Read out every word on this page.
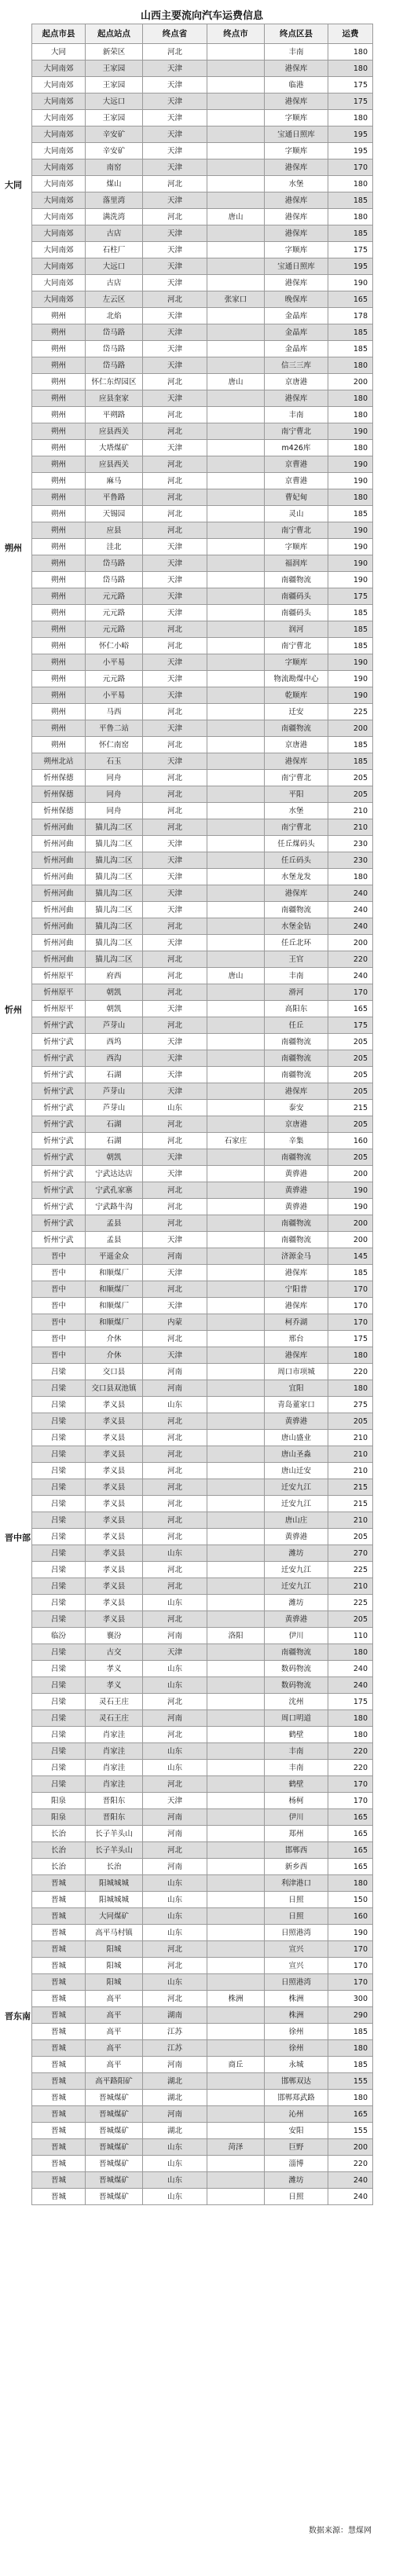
山西主要流向汽车运费信息
起点市县	起点站点	终点省	终点市	终点区县	运费
大同	新荣区	河北		丰南	180
大同南郊	王家园	天津		港保库	180
大同南郊	王家园	天津		临港	175
大同南郊	大远口	天津		港保库	175
大同南郊	王家园	天津		字顺库	180
大同南郊	辛安矿	天津		宝通日照库	195
大同南郊	辛安矿	天津		字顺库	195
大同南郊	南窑	天津		港保库	170
大同南郊	煤山	河北		水堡	180
大同南郊	落里湾	天津		港保库	185
大同南郊	满洗湾	河北	唐山	港保库	180
大同南郊	古店	天津		港保库	185
大同南郊	石柱厂	天津		字顺库	175
大同南郊	大远口	天津		宝通日照库	195
大同南郊	古店	天津		港保库	190
大同南郊	左云区	河北	张家口	晚保库	165
朔州	北焰	天津		金晶库	178
朔州	岱马路	天津		金晶库	185
朔州	岱马路	天津		金晶库	185
朔州	岱马路	天津		信三三库	180
朔州	怀仁东焊园区	河北	唐山	京唐港	200
朔州	应县奎家	天津		港保库	180
朔州	平朔路	河北		丰南	180
朔州	应县西关	河北		南宁曹北	190
朔州	大塔煤矿	天津		m426库	180
朔州	应县西关	河北		京曹港	190
朔州	麻马	河北		京曹港	190
朔州	平鲁路	河北		曹妃甸	180
朔州	天锡园	河北		灵山	185
朔州	应县	河北		南宁曹北	190
朔州	洼北	天津		字顺库	190
朔州	岱马路	天津		福润库	190
朔州	岱马路	天津		南疆物流	190
朔州	元元路	天津		南疆码头	175
朔州	元元路	天津		南疆码头	185
朔州	元元路	河北		润河	185
朔州	怀仁小峪	河北		南宁曹北	185
朔州	小平易	天津		字顺库	190
朔州	元元路	天津		物流勘煤中心	190
朔州	小平易	天津		乾顺库	190
朔州	马西	河北		迁安	225
朔州	平鲁二站	天津		南疆物流	200
朔州	怀仁南窑	河北		京唐港	185
朔州北站	石玉	天津		港保库	185
忻州保德	同舟	河北		南宁曹北	205
忻州保德	同舟	河北		平阳	205
忻州保德	同舟	河北		水堡	210
忻州河曲	猫儿沟二区	河北		南宁曹北	210
忻州河曲	猫儿沟二区	天津		任丘煤码头	230
忻州河曲	猫儿沟二区	天津		任丘码头	230
忻州河曲	猫儿沟二区	天津		水堡龙发	180
忻州河曲	猫儿沟二区	天津		港保库	240
忻州河曲	猫儿沟二区	天津		南疆物流	240
忻州河曲	猫儿沟二区	河北		水堡金钻	240
忻州河曲	猫儿沟二区	天津		任丘北环	200
忻州河曲	猫儿沟二区	河北		王官	220
忻州原平	府西	河北	唐山	丰南	240
忻州原平	朝凯	河北		滑河	170
忻州原平	朝凯	天津		高阳东	165
忻州宁武	芦芽山	河北		任丘	175
忻州宁武	西坞	天津		南疆物流	205
忻州宁武	西沟	天津		南疆物流	205
忻州宁武	石湖	天津		南疆物流	205
忻州宁武	芦芽山	天津		港保库	205
忻州宁武	芦芽山	山东		泰安	215
忻州宁武	石湖	河北		京唐港	205
忻州宁武	石湖	河北	石家庄	辛集	160
忻州宁武	朝凯	天津		南疆物流	205
忻州宁武	宁武达达店	天津		黄骅港	200
忻州宁武	宁武孔家寨	河北		黄骅港	190
忻州宁武	宁武路牛沟	河北		黄骅港	190
忻州宁武	孟县	河北		南疆物流	200
忻州宁武	孟县	天津		南疆物流	200
晋中	平遥金众	河南		济源金马	145
晋中	和顺煤厂	天津		港保库	185
晋中	和顺煤厂	河北		宁阳普	170
晋中	和顺煤厂	天津		港保库	170
晋中	和顺煤厂	内蒙		柯乔湖	170
晋中	介休	河北		邢台	175
晋中	介休	天津		港保库	180
吕梁	交口县	河南		周口市项城	220
吕梁	交口县双池镇	河南		宜阳	180
吕梁	孝义县	山东		青岛董家口	275
吕梁	孝义县	河北		黄骅港	205
吕梁	孝义县	河北		唐山盛业	210
吕梁	孝义县	河北		唐山圣淼	210
吕梁	孝义县	河北		唐山迁安	210
吕梁	孝义县	河北		迁安九江	215
吕梁	孝义县	河北		迁安九江	215
吕梁	孝义县	河北		唐山庄	210
吕梁	孝义县	河北		黄骅港	205
吕梁	孝义县	山东		潍坊	270
吕梁	孝义县	河北		迁安九江	225
吕梁	孝义县	河北		迁安九江	210
吕梁	孝义县	山东		潍坊	225
吕梁	孝义县	河北		黄骅港	205
临汾	襄汾	河南	洛阳	伊川	110
吕梁	古交	天津		南疆物流	180
吕梁	孝义	山东		数码物流	240
吕梁	孝义	山东		数码物流	240
吕梁	灵石王庄	河北		沈州	175
吕梁	灵石王庄	河南		周口明道	180
吕梁	肖家洼	河北		鹤壁	180
吕梁	肖家洼	山东		丰南	220
吕梁	肖家洼	山东		丰南	220
吕梁	肖家洼	河北		鹤壁	170
阳泉	晋阳东	天津		杨柯	170
阳泉	晋阳东	河南		伊川	165
长治	长子羊头山	河南		郑州	165
长治	长子羊头山	河北		邯郸西	165
长治	长治	河南		新乡西	165
晋城	阳城城城	山东		利津港口	180
晋城	阳城城城	山东		日照	150
晋城	大同煤矿	山东		日照	160
晋城	高平马村镇	山东		日照港湾	190
晋城	阳城	河北		宣兴	170
晋城	阳城	河北		宣兴	170
晋城	阳城	山东		日照港湾	170
晋城	高平	河北	株洲	株洲	300
晋城	高平	湖南		株洲	290
晋城	高平	江苏		徐州	185
晋城	高平	江苏		徐州	180
晋城	高平	河南	商丘	永城	185
晋城	高平路阳矿	湖北		邯郸双达	155
晋城	晋城煤矿	湖北		邯郸郑武路	180
晋城	晋城煤矿	河南		沁州	165
晋城	晋城煤矿	湖北		安阳	155
晋城	晋城煤矿	山东	菏泽	巨野	200
晋城	晋城煤矿	山东		淄博	220
晋城	晋城煤矿	山东		潍坊	240
晋城	晋城煤矿	山东		日照	240
数据来源：慧煤网
大同
朔州
忻州
晋中部
晋东南
